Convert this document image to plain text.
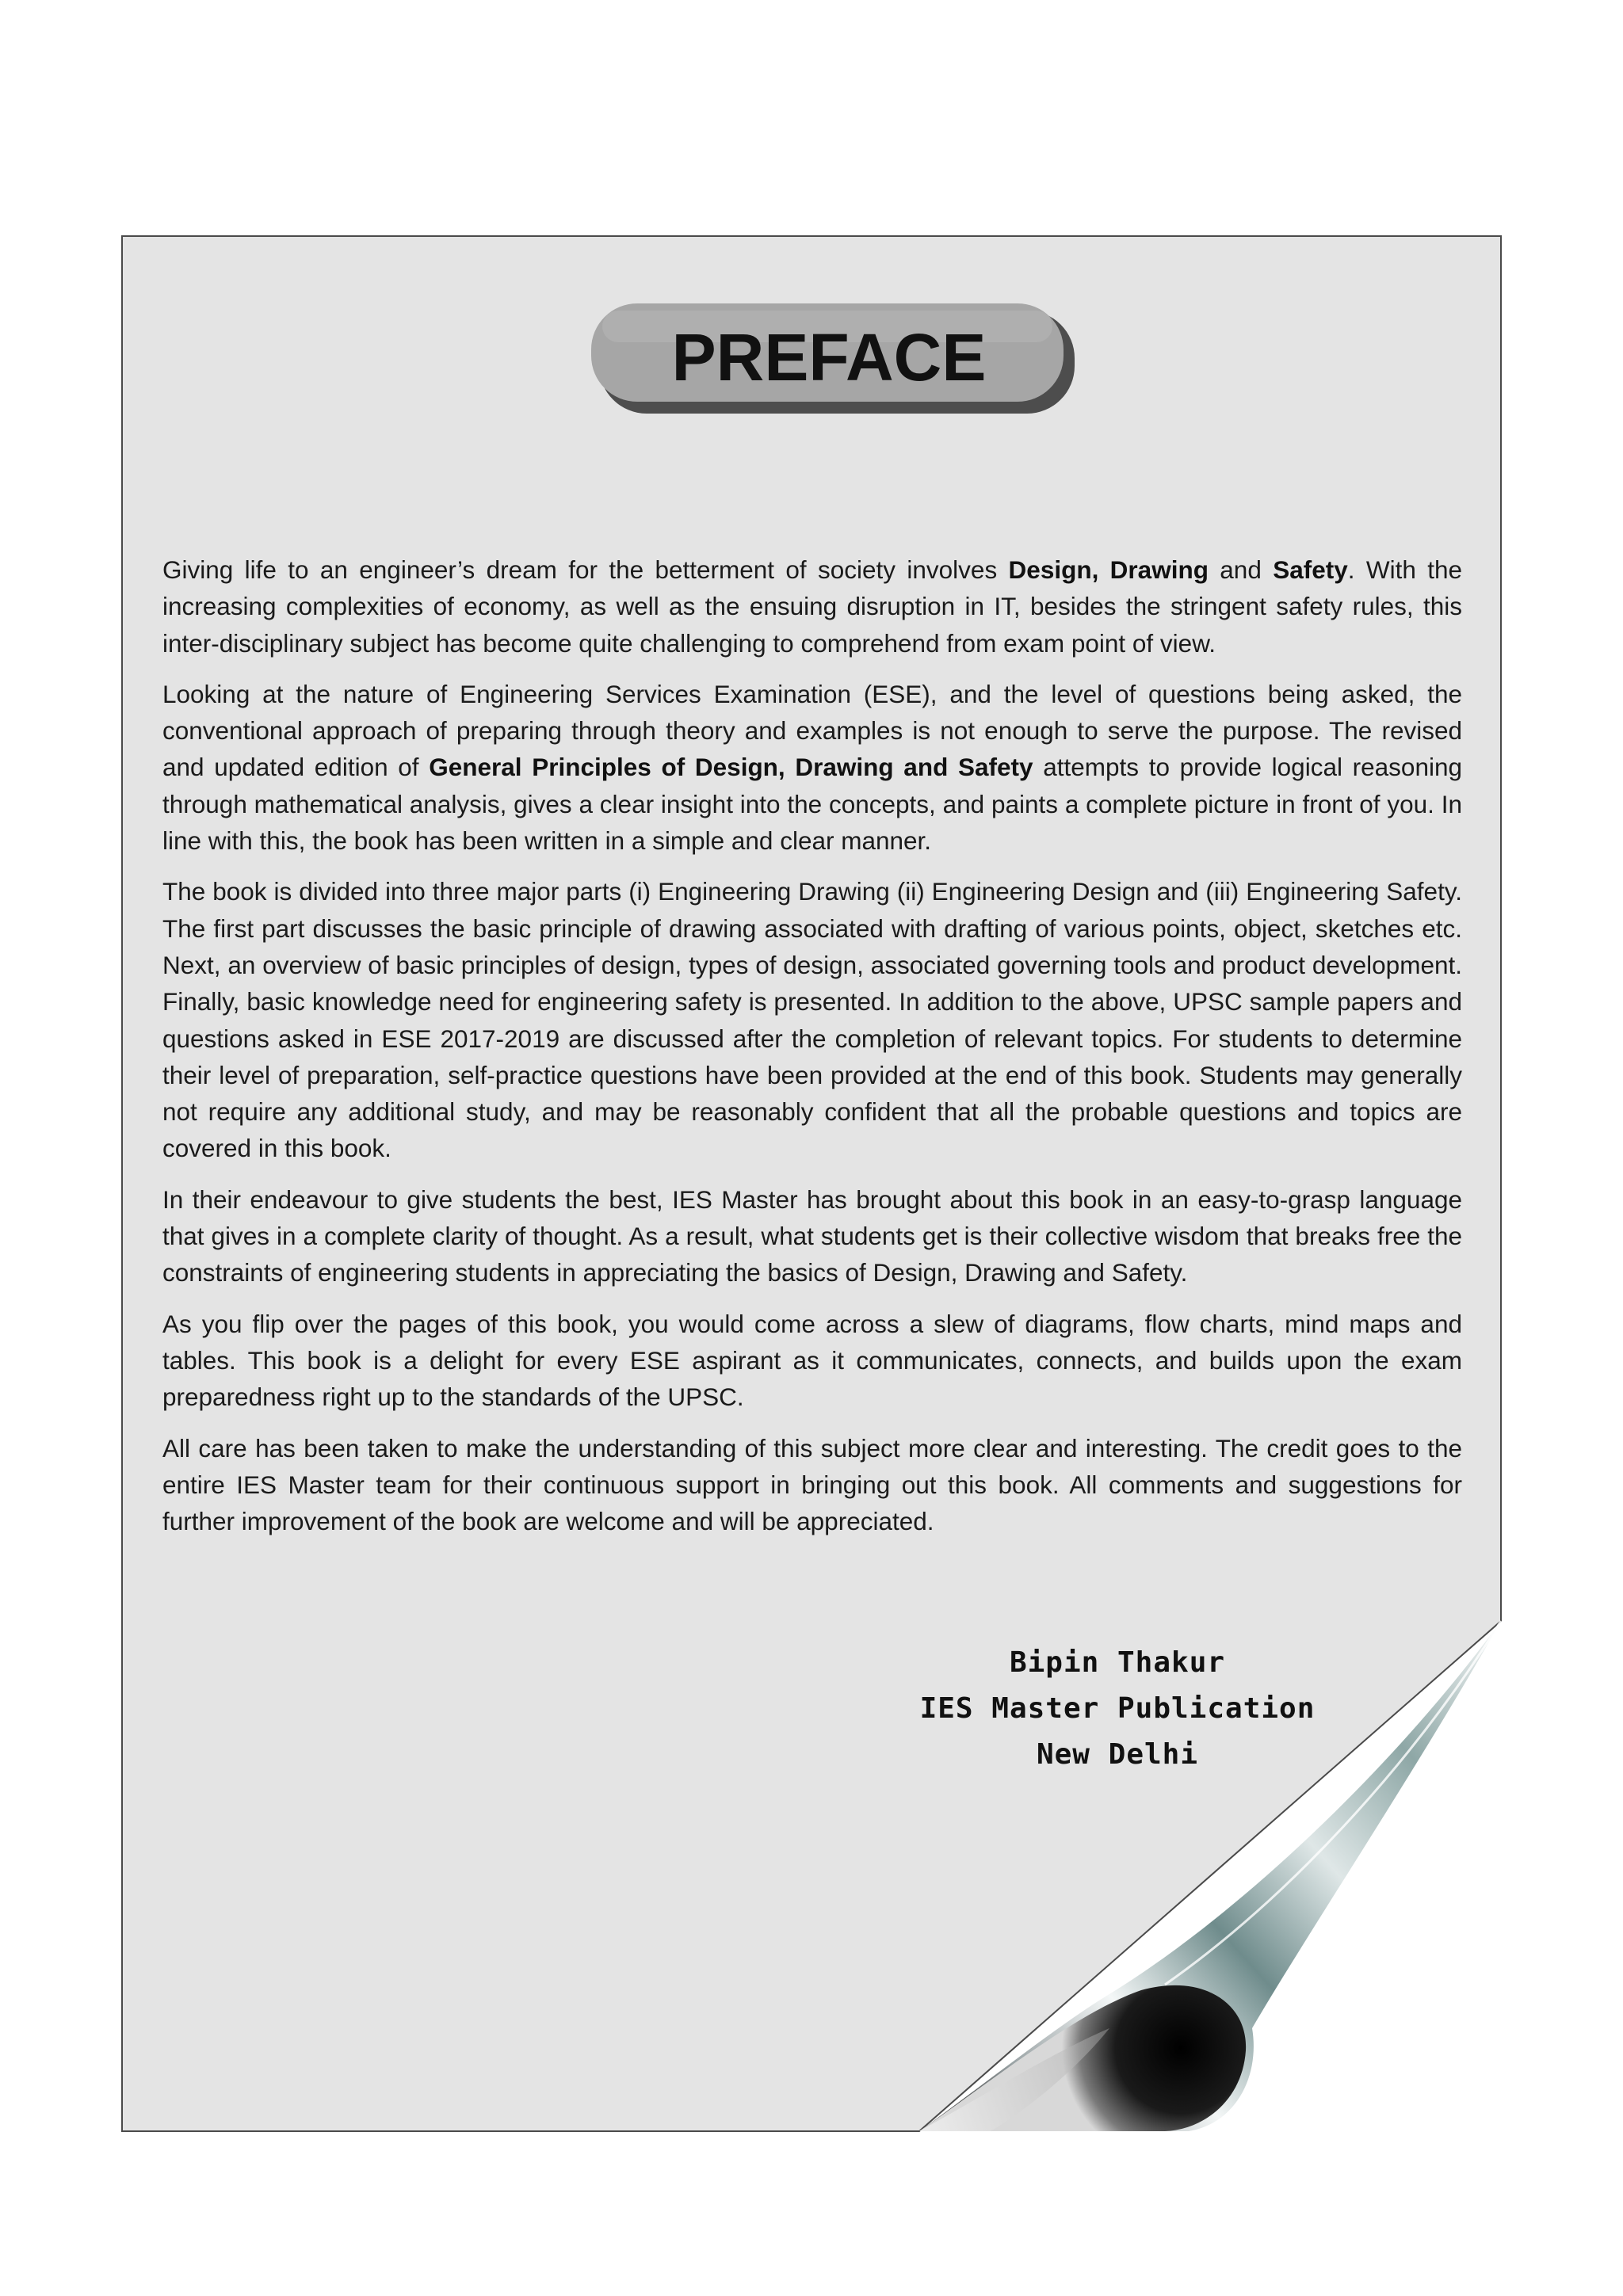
PREFACE

Giving life to an engineer’s dream for the betterment of society involves Design, Drawing and Safety. With the increasing complexities of economy, as well as the ensuing disruption in IT, besides the stringent safety rules, this inter-disciplinary subject has become quite challenging to comprehend from exam point of view.

Looking at the nature of Engineering Services Examination (ESE), and the level of questions being asked, the conventional approach of preparing through theory and examples is not enough to serve the purpose. The revised and updated edition of General Principles of Design, Drawing and Safety attempts to provide logical reasoning through mathematical analysis, gives a clear insight into the concepts, and paints a complete picture in front of you. In line with this, the book has been written in a simple and clear manner.

The book is divided into three major parts (i) Engineering Drawing (ii) Engineering Design and (iii) Engineering Safety. The first part discusses the basic principle of drawing associated with drafting of various points, object, sketches etc. Next, an overview of basic principles of design, types of design, associated governing tools and product development. Finally, basic knowledge need for engineering safety is presented. In addition to the above, UPSC sample papers and questions asked in ESE 2017-2019 are discussed after the completion of relevant topics. For students to determine their level of preparation, self-practice questions have been provided at the end of this book. Students may generally not require any additional study, and may be reasonably confident that all the probable questions and topics are covered in this book.

In their endeavour to give students the best, IES Master has brought about this book in an easy-to-grasp language that gives in a complete clarity of thought. As a result, what students get is their collective wisdom that breaks free the constraints of engineering students in appreciating the basics of Design, Drawing and Safety.

As you flip over the pages of this book, you would come across a slew of diagrams, flow charts, mind maps and tables. This book is a delight for every ESE aspirant as it communicates, connects, and builds upon the exam preparedness right up to the standards of the UPSC.

All care has been taken to make the understanding of this subject more clear and interesting. The credit goes to the entire IES Master team for their continuous support in bringing out this book. All comments and suggestions for further improvement of the book are welcome and will be appreciated.

Bipin Thakur
IES Master Publication
New Delhi
